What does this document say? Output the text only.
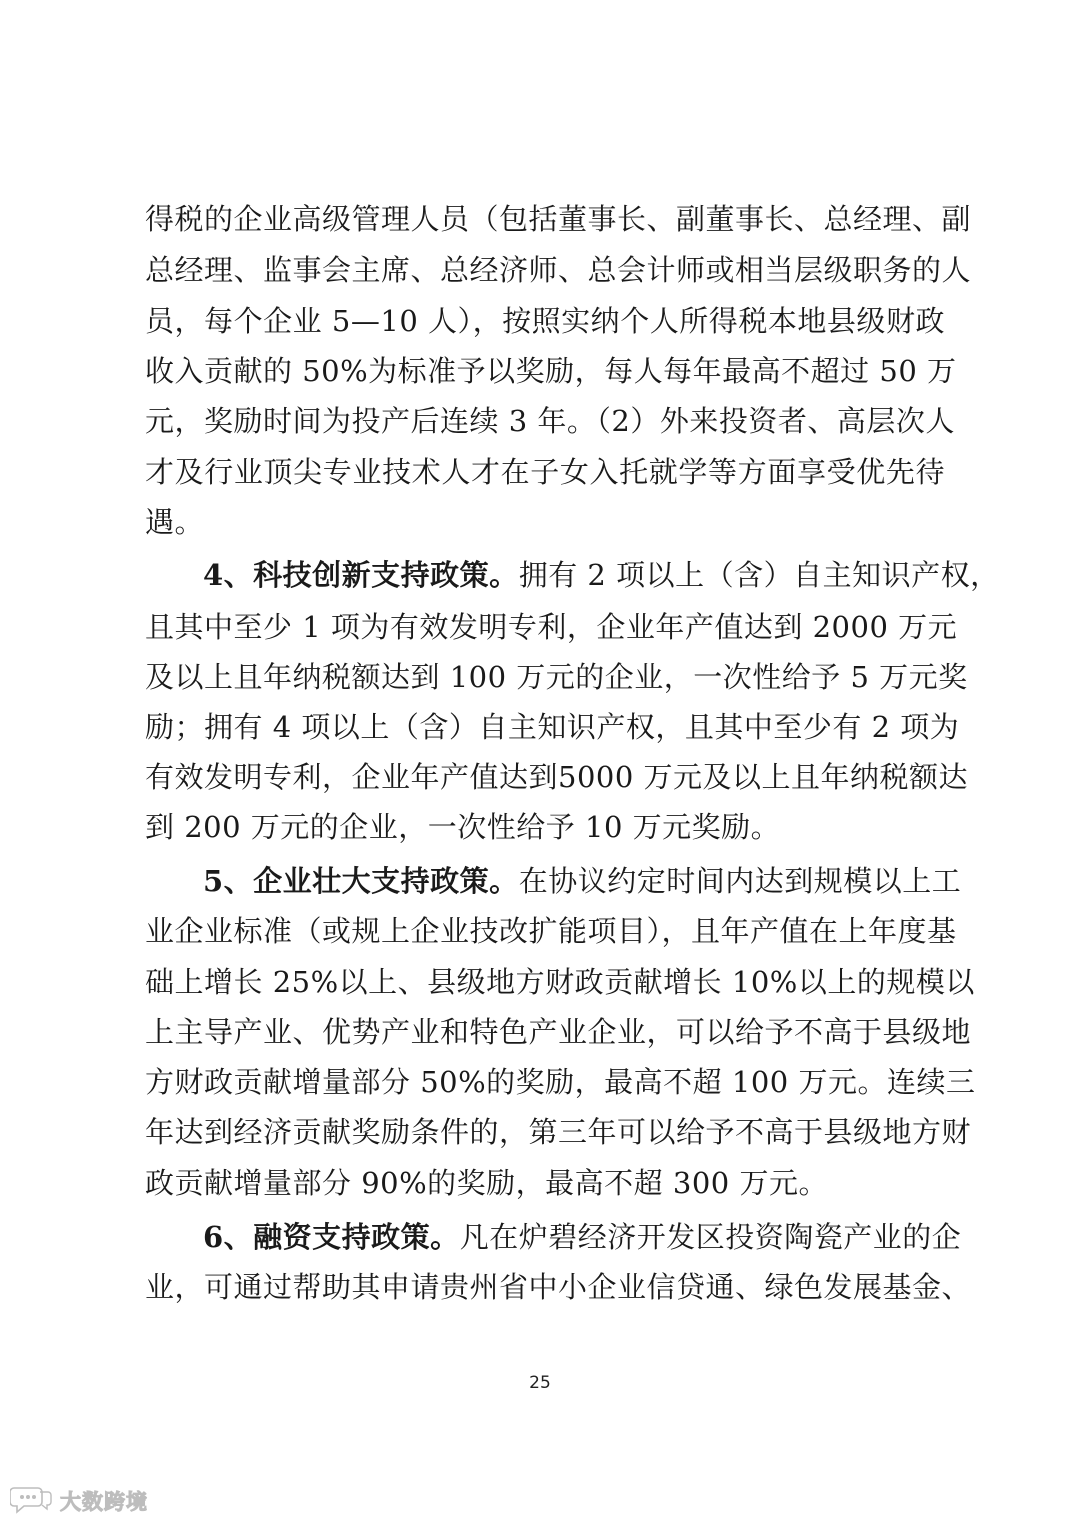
得税的企业高级管理人员（包括董事长、副董事长、总经理、副
总经理、监事会主席、总经济师、总会计师或相当层级职务的人
员，每个企业 5—10 人），按照实纳个人所得税本地县级财政
收入贡献的 50%为标准予以奖励，每人每年最高不超过 50 万
元，奖励时间为投产后连续 3 年。（2）外来投资者、高层次人
才及行业顶尖专业技术人才在子女入托就学等方面享受优先待
遇。
4、科技创新支持政策。拥有 2 项以上（含）自主知识产权，
且其中至少 1 项为有效发明专利，企业年产值达到 2000 万元
及以上且年纳税额达到 100 万元的企业，一次性给予 5 万元奖
励；拥有 4 项以上（含）自主知识产权，且其中至少有 2 项为
有效发明专利，企业年产值达到5000 万元及以上且年纳税额达
到 200 万元的企业，一次性给予 10 万元奖励。
5、企业壮大支持政策。在协议约定时间内达到规模以上工
业企业标准（或规上企业技改扩能项目），且年产值在上年度基
础上增长 25%以上、县级地方财政贡献增长 10%以上的规模以
上主导产业、优势产业和特色产业企业，可以给予不高于县级地
方财政贡献增量部分 50%的奖励，最高不超 100 万元。连续三
年达到经济贡献奖励条件的，第三年可以给予不高于县级地方财
政贡献增量部分 90%的奖励，最高不超 300 万元。
6、融资支持政策。凡在炉碧经济开发区投资陶瓷产业的企
业，可通过帮助其申请贵州省中小企业信贷通、绿色发展基金、
25
大数跨境
